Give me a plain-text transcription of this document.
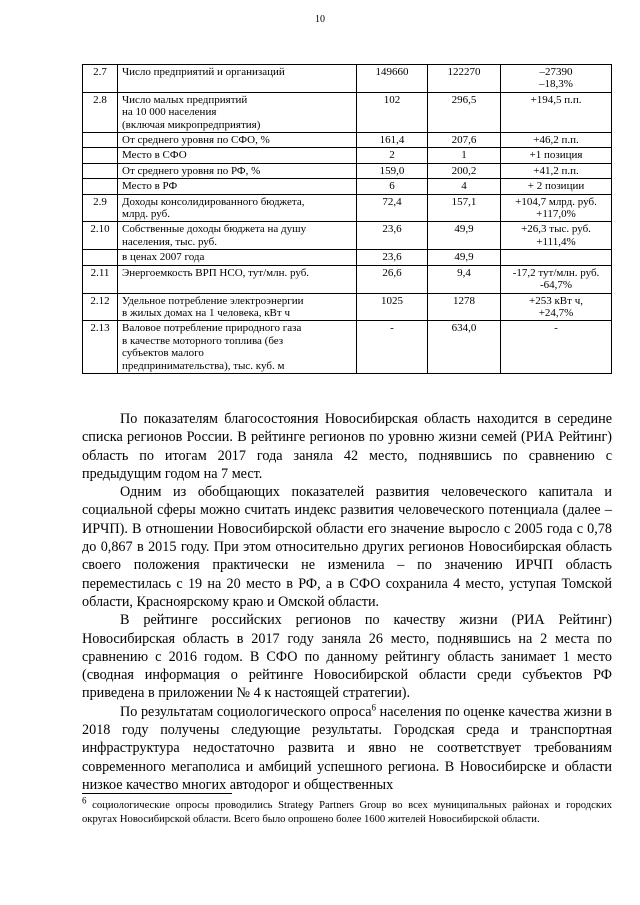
10
2.7	Число предприятий и организаций	149660	122270	–27390
–18,3%

2.8	Число малых предприятий
на 10 000 населения
(включая микропредприятия)	102	296,5	+194,5 п.п.

	От среднего уровня по СФО, %	161,4	207,6	+46,2 п.п.

	Место в СФО	2	1	+1 позиция

	От среднего уровня по РФ, %	159,0	200,2	+41,2 п.п.

	Место в РФ	6	4	+ 2 позиции

2.9	Доходы консолидированного бюджета,
млрд. руб.	72,4	157,1	+104,7 млрд. руб.
+117,0%

2.10	Собственные доходы бюджета на душу
населения, тыс. руб.	23,6	49,9	+26,3 тыс. руб.
+111,4%

	в ценах 2007 года	23,6	49,9	

2.11	Энергоемкость ВРП НСО, тут/млн. руб.	26,6	9,4	-17,2 тут/млн. руб.
-64,7%

2.12	Удельное потребление электроэнергии
в жилых домах на 1 человека, кВт ч	1025	1278	+253 кВт ч,
+24,7%

2.13	Валовое потребление природного газа
в качестве моторного топлива (без
субъектов малого
предпринимательства), тыс. куб. м	-	634,0	-

По показателям благосостояния Новосибирская область находится в середине списка регионов России. В рейтинге регионов по уровню жизни семей (РИА Рейтинг) область по итогам 2017 года заняла 42 место, поднявшись по сравнению с предыдущим годом на 7 мест.

Одним из обобщающих показателей развития человеческого капитала и социальной сферы можно считать индекс развития человеческого потенциала (далее – ИРЧП). В отношении Новосибирской области его значение выросло с 2005 года с 0,78 до 0,867 в 2015 году. При этом относительно других регионов Новосибирская область своего положения практически не изменила – по значению ИРЧП область переместилась с 19 на 20 место в РФ, а в СФО сохранила 4 место, уступая Томской области, Красноярскому краю и Омской области.

В рейтинге российских регионов по качеству жизни (РИА Рейтинг) Новосибирская область в 2017 году заняла 26 место, поднявшись на 2 места по сравнению с 2016 годом. В СФО по данному рейтингу область занимает 1 место (сводная информация о рейтинге Новосибирской области среди субъектов РФ приведена в приложении № 4 к настоящей стратегии).

По результатам социологического опроса$^6$ населения по оценке качества жизни в 2018 году получены следующие результаты. Городская среда и транспортная инфраструктура недостаточно развита и явно не соответствует требованиям современного мегаполиса и амбиций успешного региона. В Новосибирске и области низкое качество многих автодорог и общественных

$^6$ социологические опросы проводились Strategy Partners Group во всех муниципальных районах и городских округах Новосибирской области. Всего было опрошено более 1600 жителей Новосибирской области.
